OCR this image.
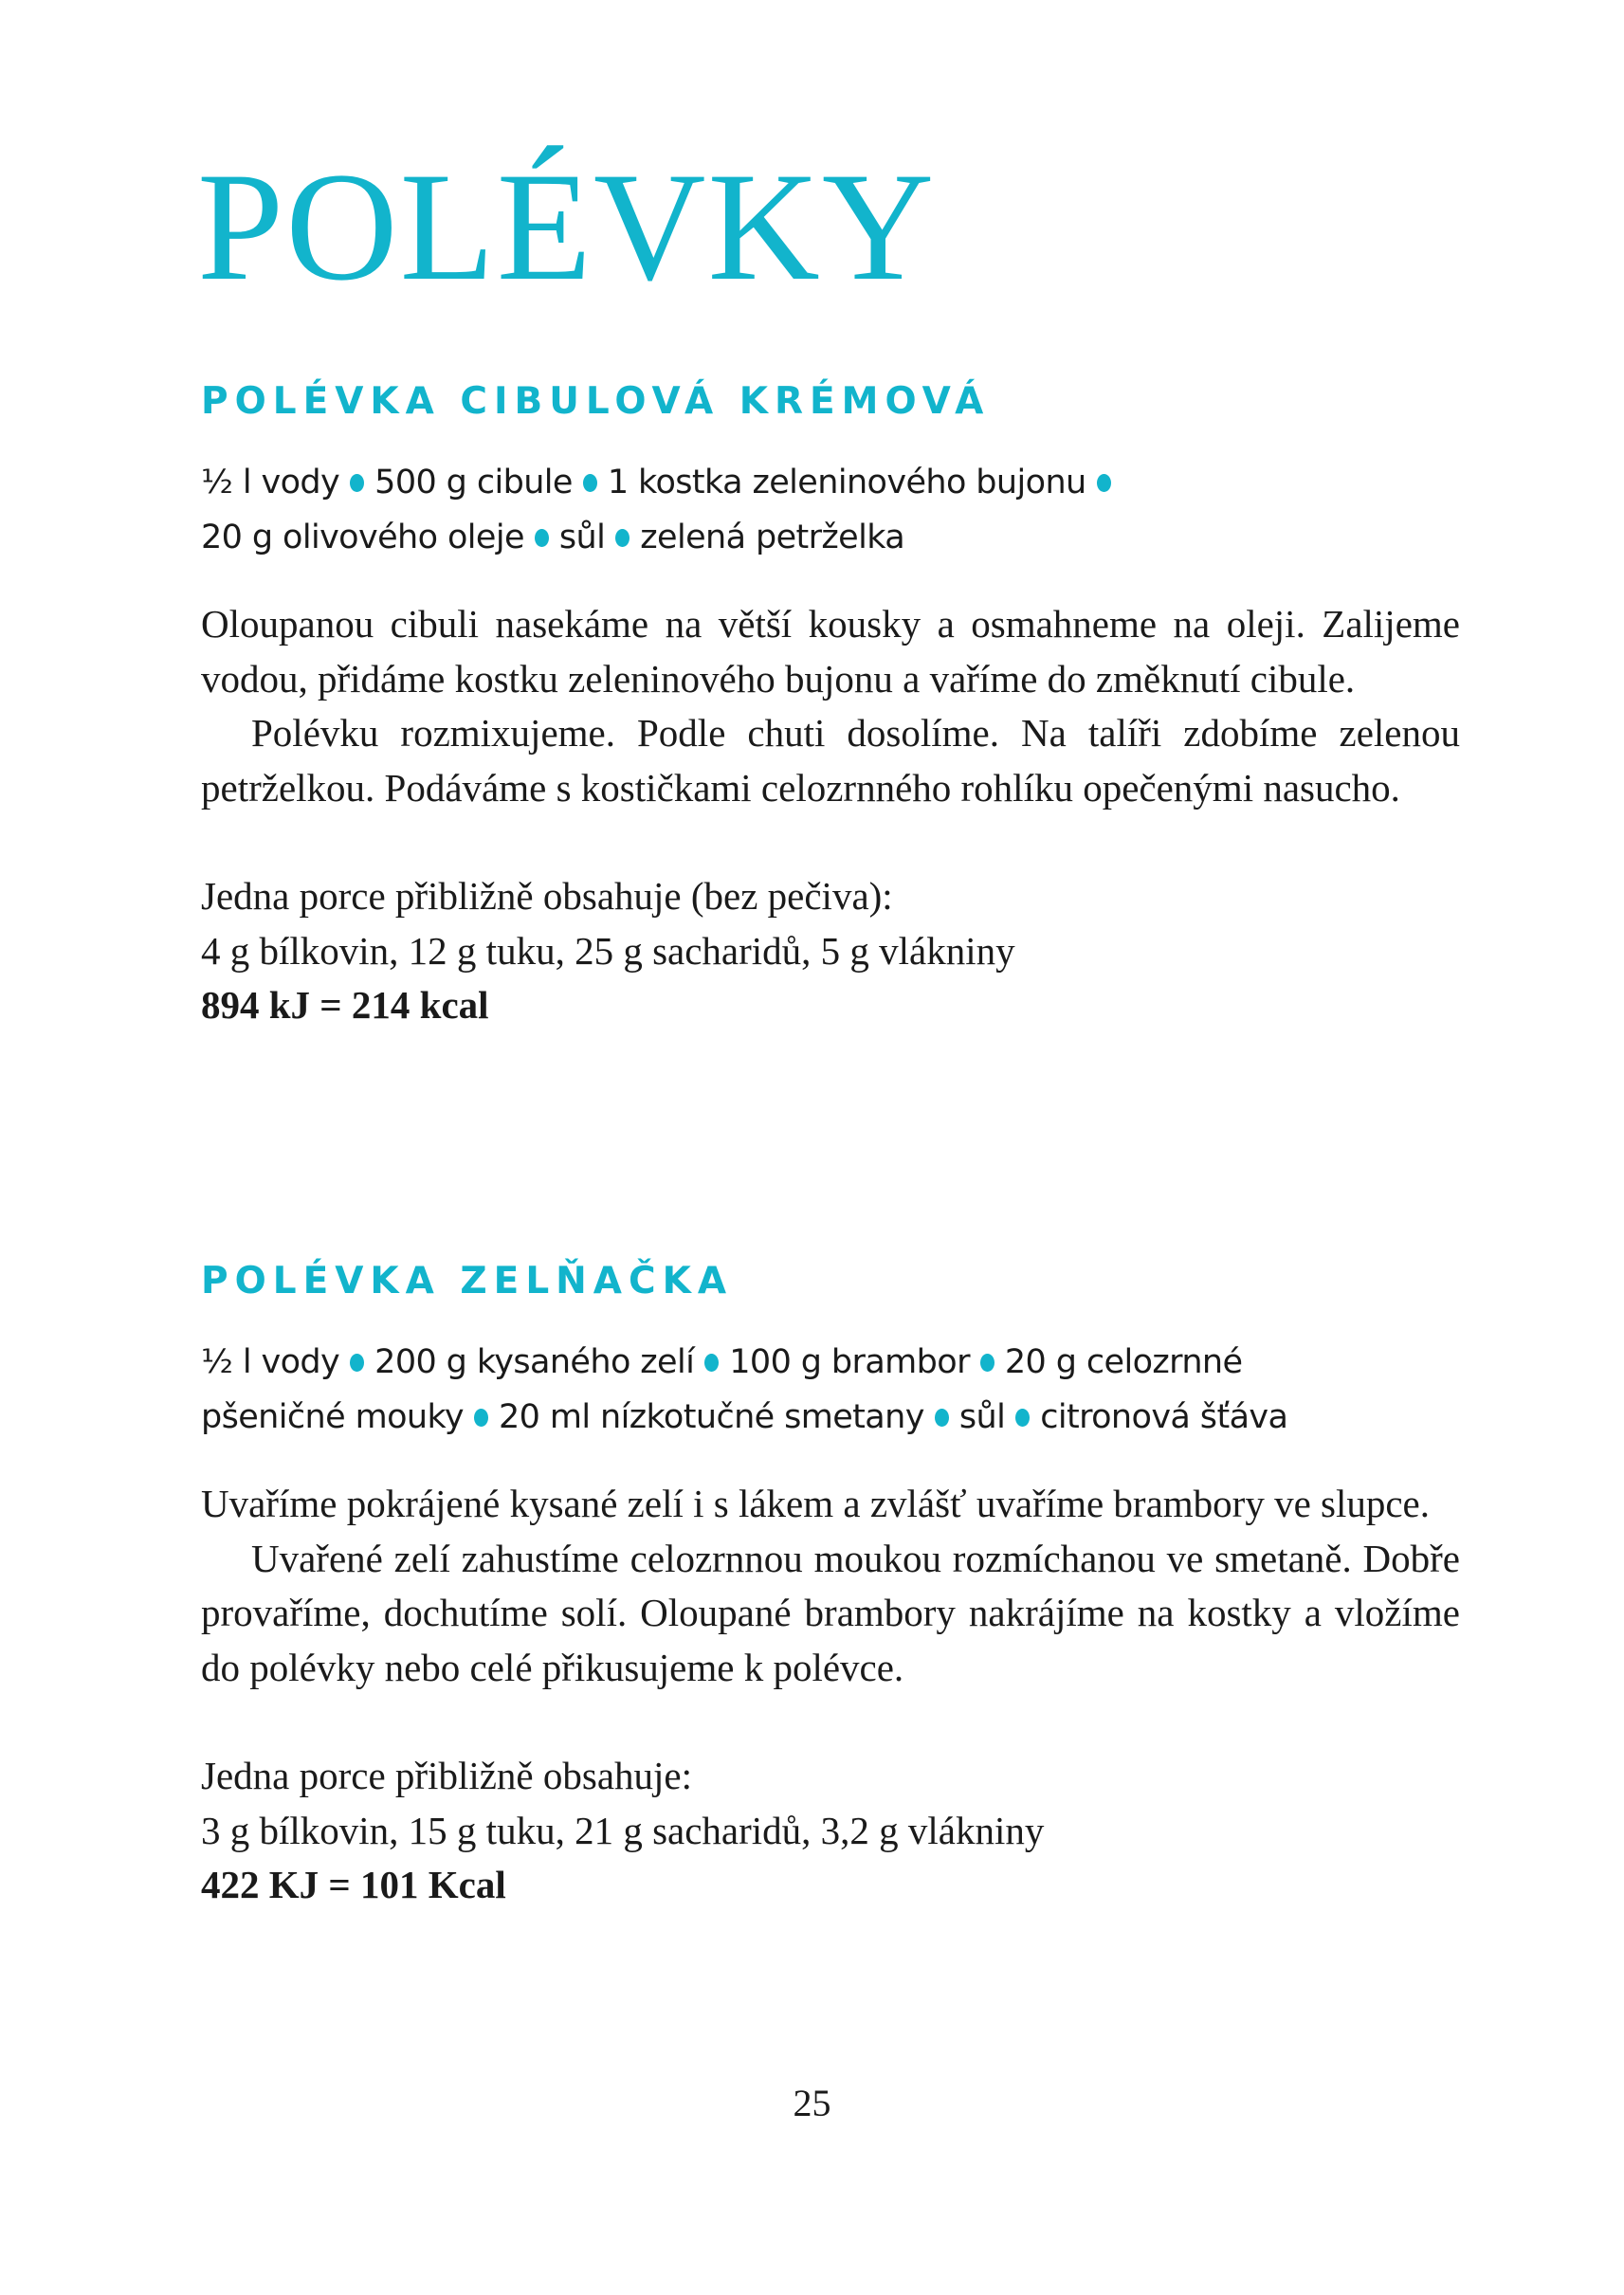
POLÉVKY
POLÉVKA CIBULOVÁ KRÉMOVÁ
½ l vody 500 g cibule 1 kostka zeleninového bujonu
20 g olivového oleje sůl zelená petrželka

Oloupanou cibuli nasekáme na větší kousky a osmahneme na oleji. Zalijeme vodou, přidáme kostku zeleninového bujonu a vaříme do změknutí cibule.

Polévku rozmixujeme. Podle chuti dosolíme. Na talíři zdobíme zelenou petrželkou. Podáváme s kostičkami celozrnného rohlíku opečenými nasucho.

Jedna porce přibližně obsahuje (bez pečiva):
4 g bílkovin, 12 g tuku, 25 g sacharidů, 5 g vlákniny
894 kJ = 214 kcal
POLÉVKA ZELŇAČKA
½ l vody 200 g kysaného zelí 100 g brambor 20 g celozrnné
pšeničné mouky 20 ml nízkotučné smetany sůl citronová šťáva

Uvaříme pokrájené kysané zelí i s lákem a zvlášť uvaříme brambory ve slupce.

Uvařené zelí zahustíme celozrnnou moukou rozmíchanou ve smetaně. Dobře provaříme, dochutíme solí. Oloupané brambory nakrájíme na kostky a vložíme do polévky nebo celé přikusujeme k polévce.

Jedna porce přibližně obsahuje:
3 g bílkovin, 15 g tuku, 21 g sacharidů, 3,2 g vlákniny
422 KJ = 101 Kcal
25
